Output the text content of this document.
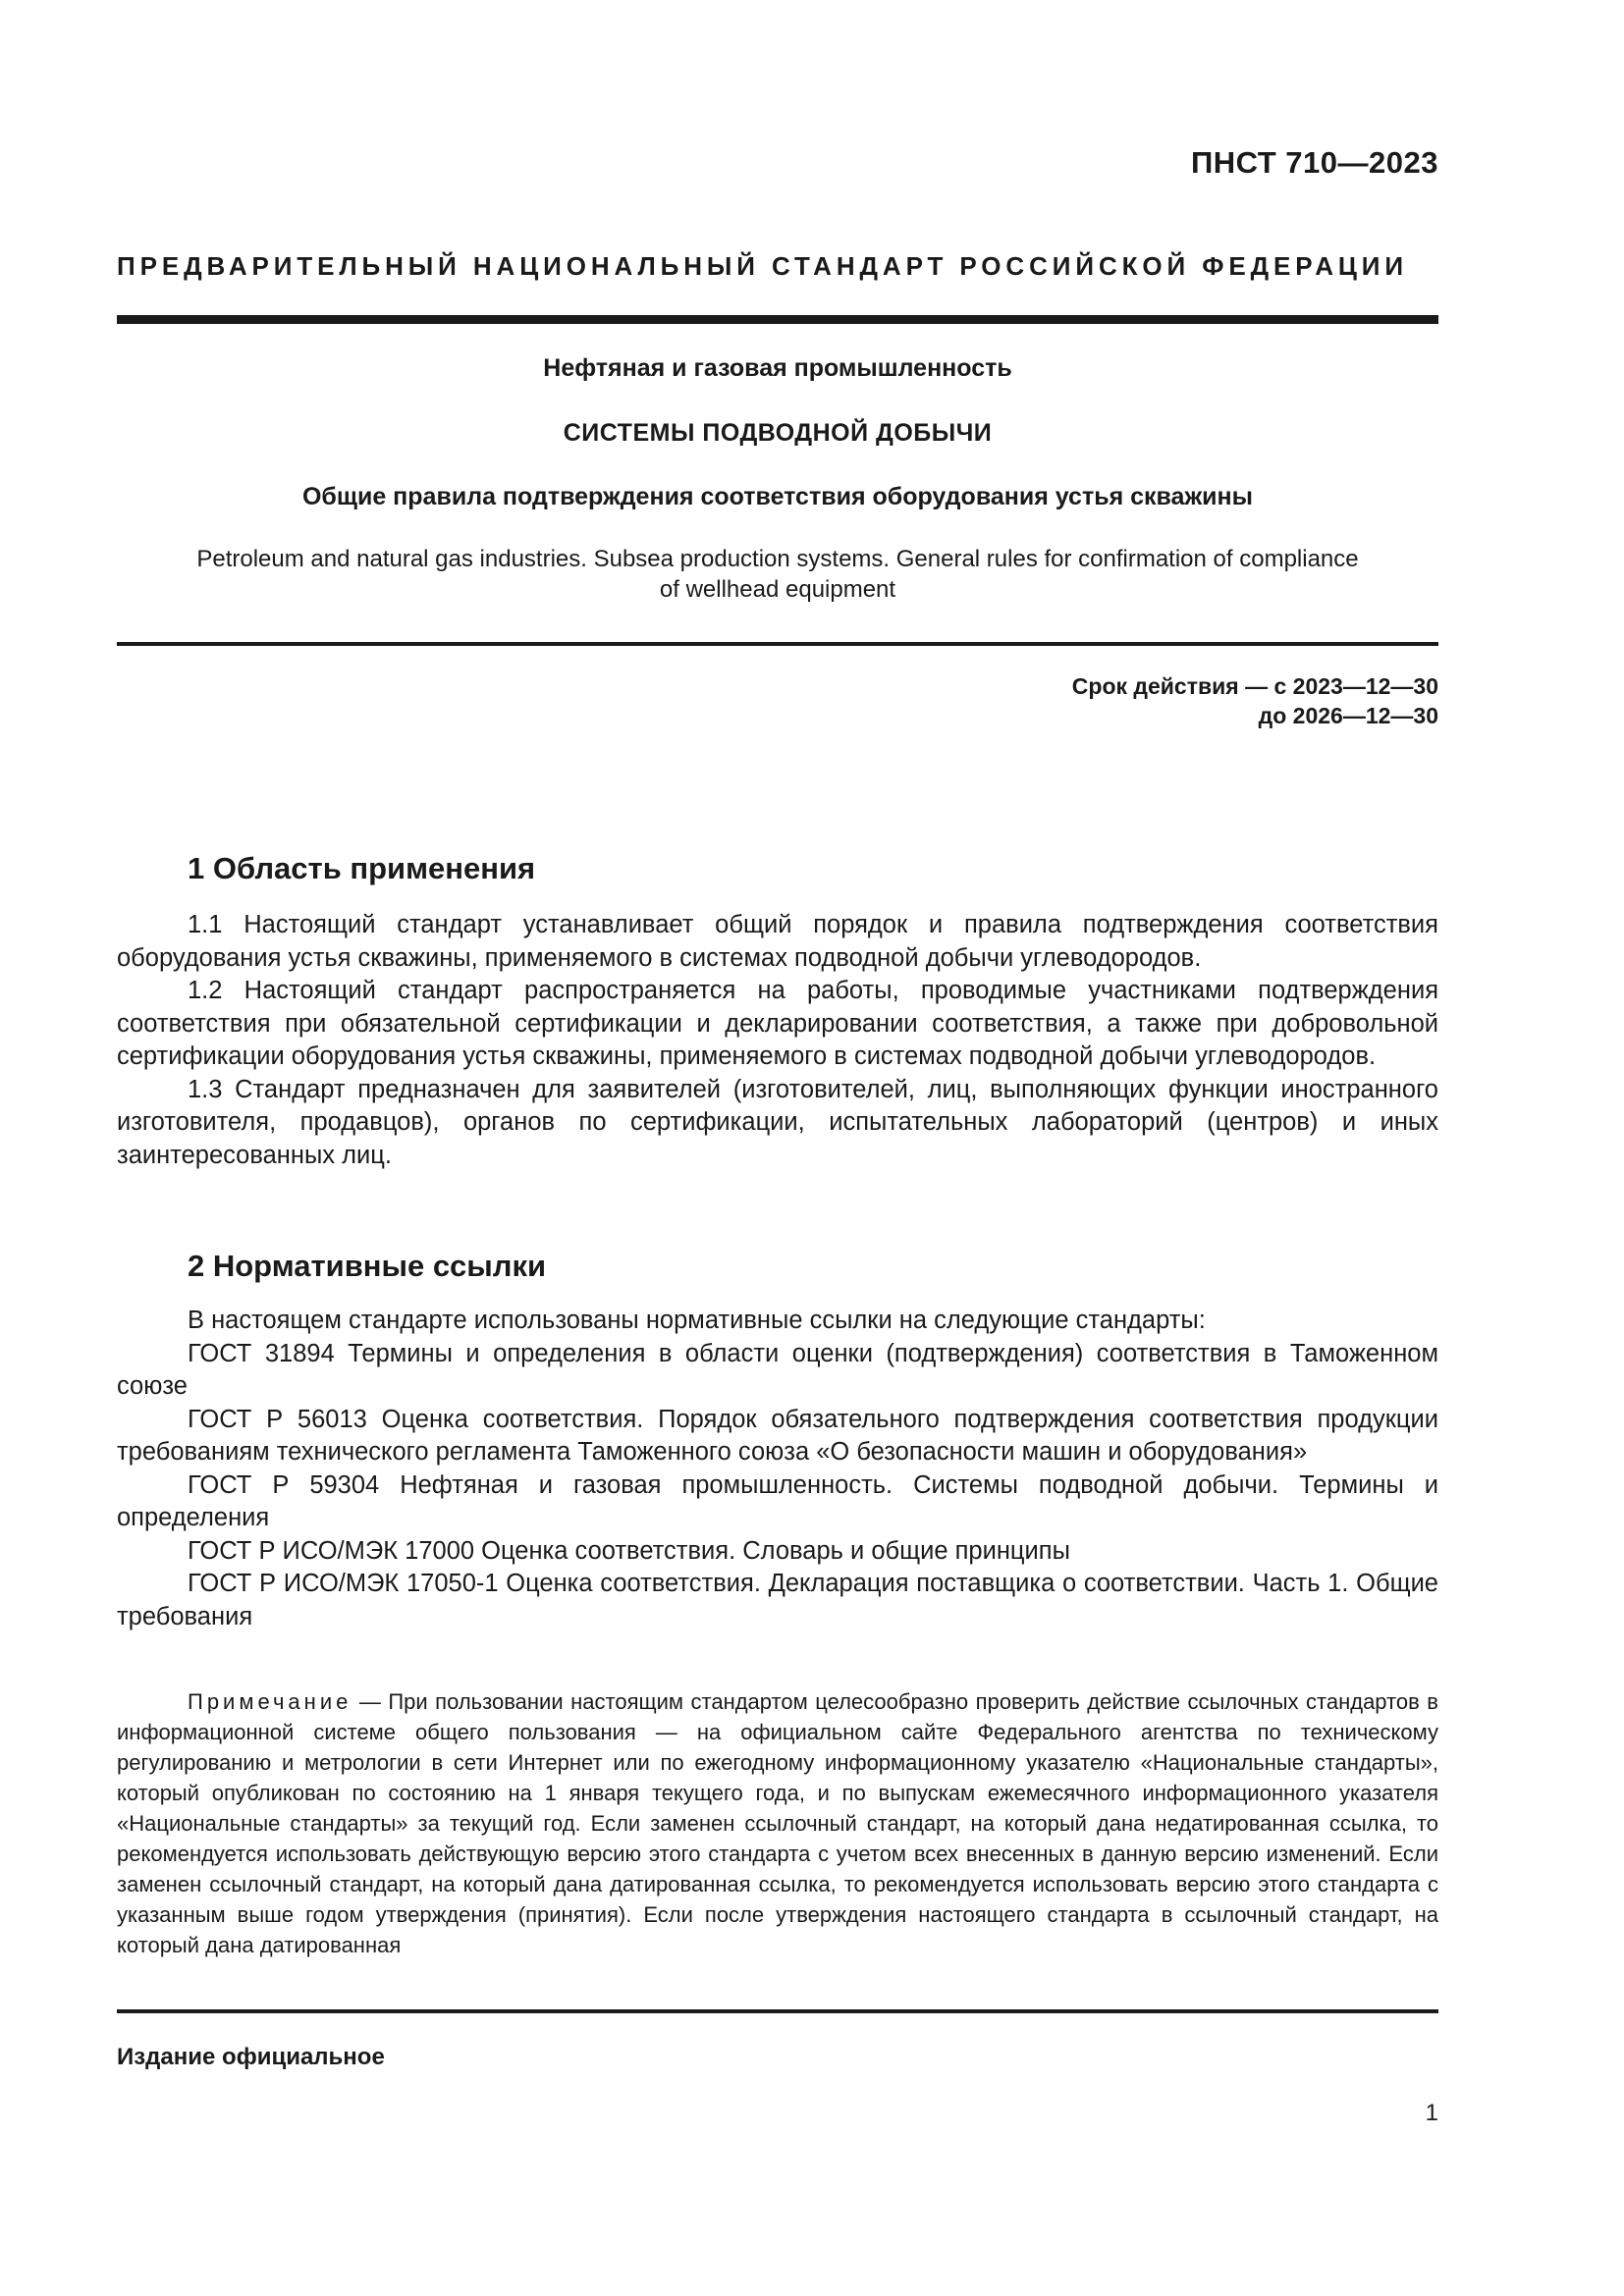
ПНСТ 710—2023
ПРЕДВАРИТЕЛЬНЫЙ НАЦИОНАЛЬНЫЙ СТАНДАРТ РОССИЙСКОЙ ФЕДЕРАЦИИ
Нефтяная и газовая промышленность
СИСТЕМЫ ПОДВОДНОЙ ДОБЫЧИ
Общие правила подтверждения соответствия оборудования устья скважины
Petroleum and natural gas industries. Subsea production systems. General rules for confirmation of compliance
of wellhead equipment
Срок действия — с 2023—12—30
до 2026—12—30
1 Область применения

1.1 Настоящий стандарт устанавливает общий порядок и правила подтверждения соответствия оборудования устья скважины, применяемого в системах подводной добычи углеводородов.

1.2 Настоящий стандарт распространяется на работы, проводимые участниками подтверждения соответствия при обязательной сертификации и декларировании соответствия, а также при добровольной сертификации оборудования устья скважины, применяемого в системах подводной добычи углеводородов.

1.3 Стандарт предназначен для заявителей (изготовителей, лиц, выполняющих функции иностранного изготовителя, продавцов), органов по сертификации, испытательных лабораторий (центров) и иных заинтересованных лиц.

2 Нормативные ссылки

В настоящем стандарте использованы нормативные ссылки на следующие стандарты:

ГОСТ 31894 Термины и определения в области оценки (подтверждения) соответствия в Таможенном союзе

ГОСТ Р 56013 Оценка соответствия. Порядок обязательного подтверждения соответствия продукции требованиям технического регламента Таможенного союза «О безопасности машин и оборудования»

ГОСТ Р 59304 Нефтяная и газовая промышленность. Системы подводной добычи. Термины и определения

ГОСТ Р ИСО/МЭК 17000 Оценка соответствия. Словарь и общие принципы

ГОСТ Р ИСО/МЭК 17050-1 Оценка соответствия. Декларация поставщика о соответствии. Часть 1. Общие требования

Примечание — При пользовании настоящим стандартом целесообразно проверить действие ссылочных стандартов в информационной системе общего пользования — на официальном сайте Федерального агентства по техническому регулированию и метрологии в сети Интернет или по ежегодному информационному указателю «Национальные стандарты», который опубликован по состоянию на 1 января текущего года, и по выпускам ежемесячного информационного указателя «Национальные стандарты» за текущий год. Если заменен ссылочный стандарт, на который дана недатированная ссылка, то рекомендуется использовать действующую версию этого стандарта с учетом всех внесенных в данную версию изменений. Если заменен ссылочный стандарт, на который дана датированная ссылка, то рекомендуется использовать версию этого стандарта с указанным выше годом утверждения (принятия). Если после утверждения настоящего стандарта в ссылочный стандарт, на который дана датированная
Издание официальное
1
